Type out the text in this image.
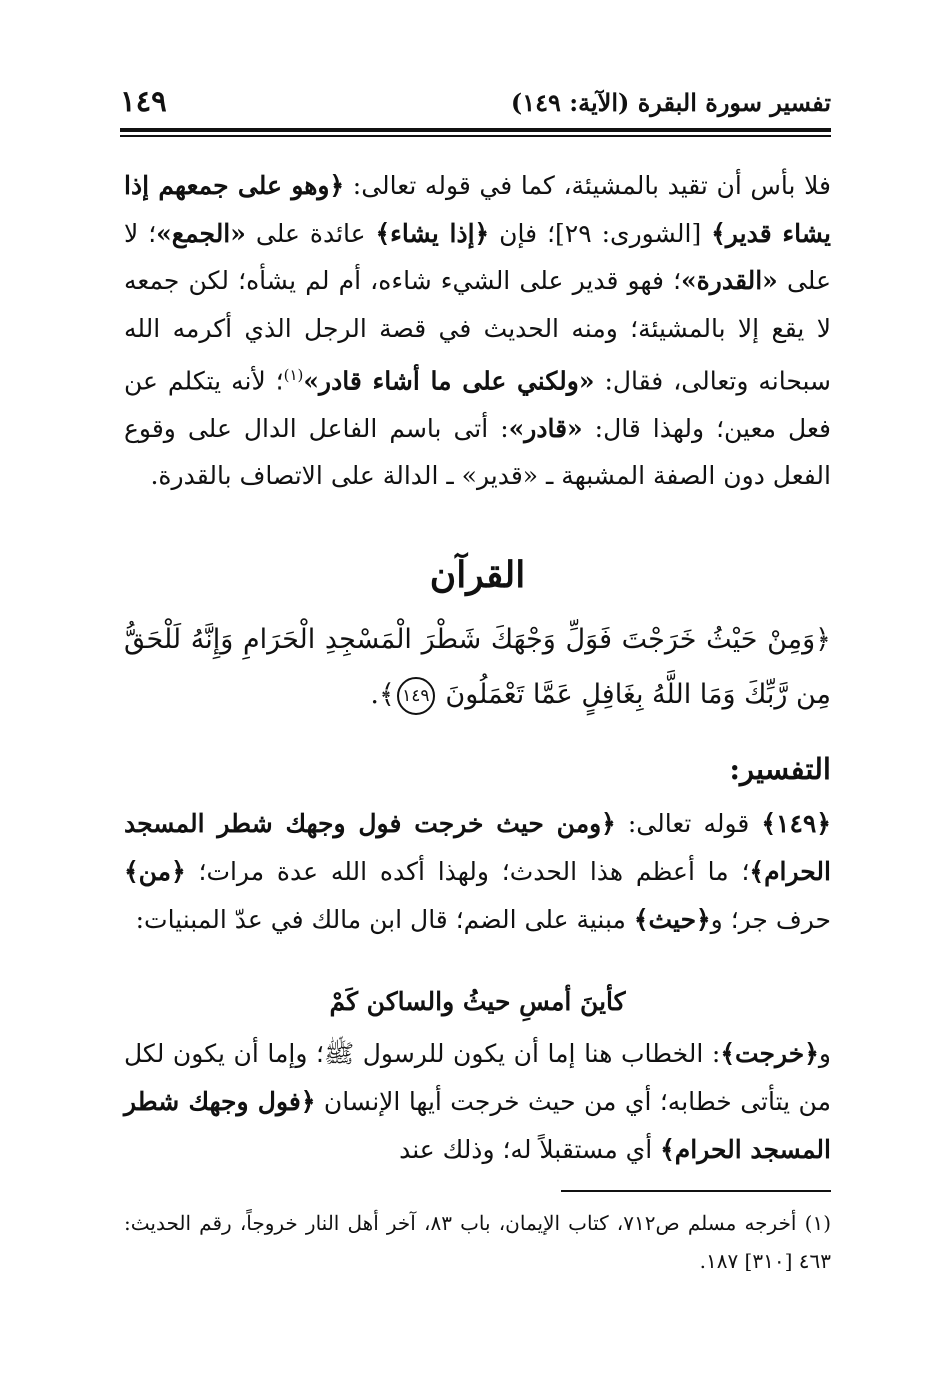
تفسير سورة البقرة (الآية: ١٤٩)
١٤٩
فلا بأس أن تقيد بالمشيئة، كما في قوله تعالى: ﴿وهو على جمعهم إذا يشاء قدير﴾ [الشورى: ٢٩]؛ فإن ﴿إذا يشاء﴾ عائدة على «الجمع»؛ لا على «القدرة»؛ فهو قدير على الشيء شاءه، أم لم يشأه؛ لكن جمعه لا يقع إلا بالمشيئة؛ ومنه الحديث في قصة الرجل الذي أكرمه الله سبحانه وتعالى، فقال: «ولكني على ما أشاء قادر»$^{(١)}$؛ لأنه يتكلم عن فعل معين؛ ولهذا قال: «قادر»: أتى باسم الفاعل الدال على وقوع الفعل دون الصفة المشبهة ـ «قدير» ـ الدالة على الاتصاف بالقدرة.
القرآن
﴿وَمِنْ حَيْثُ خَرَجْتَ فَوَلِّ وَجْهَكَ شَطْرَ الْمَسْجِدِ الْحَرَامِ وَإِنَّهُ لَلْحَقُّ مِن رَّبِّكَ وَمَا اللَّهُ بِغَافِلٍ عَمَّا تَعْمَلُونَ ١٤٩﴾.
التفسير:
﴿١٤٩﴾ قوله تعالى: ﴿ومن حيث خرجت فول وجهك شطر المسجد الحرام﴾؛ ما أعظم هذا الحدث؛ ولهذا أكده الله عدة مرات؛ ﴿من﴾ حرف جر؛ و﴿حيث﴾ مبنية على الضم؛ قال ابن مالك في عدّ المبنيات:
كأينَ أمسِ حيثُ والساكن كَمْ
و﴿خرجت﴾: الخطاب هنا إما أن يكون للرسول ﷺ؛ وإما أن يكون لكل من يتأتى خطابه؛ أي من حيث خرجت أيها الإنسان ﴿فول وجهك شطر المسجد الحرام﴾ أي مستقبلاً له؛ وذلك عند
(١) أخرجه مسلم ص٧١٢، كتاب الإيمان، باب ٨٣، آخر أهل النار خروجاً، رقم الحديث: ٤٦٣ [٣١٠] ١٨٧.
